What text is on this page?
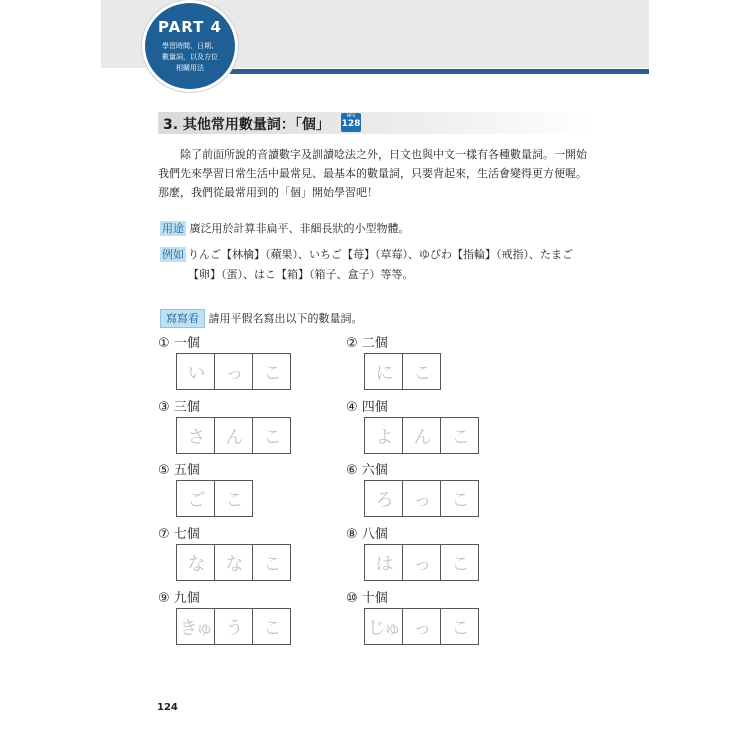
PART 4
學習時間、日期、
數量詞，以及方位
相關用法
3. 其他常用數量詞：「個」
MP3
128

除了前面所說的音讀數字及訓讀唸法之外，日文也與中文一樣有各種數量詞。一開始我們先來學習日常生活中最常見、最基本的數量詞，只要背起來，生活會變得更方便喔。那麼，我們從最常用到的「個」開始學習吧！

用途 廣泛用於計算非扁平、非細長狀的小型物體。
例如 りんご【林檎】（蘋果）、いちご【苺】（草莓）、ゆびわ【指輪】（戒指）、たまご【卵】（蛋）、はこ【箱】（箱子、盒子）等等。
寫寫看 請用平假名寫出以下的數量詞。
① 一個
い っ こ
② 二個
に こ
③ 三個
さ ん こ
④ 四個
よ ん こ
⑤ 五個
ご こ
⑥ 六個
ろ っ こ
⑦ 七個
な な こ
⑧ 八個
は っ こ
⑨ 九個
きゅ う こ
⑩ 十個
じゅ っ こ
124
